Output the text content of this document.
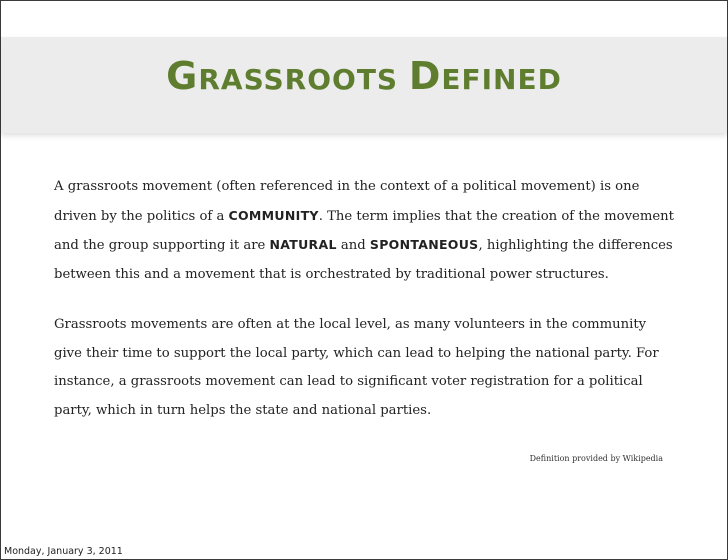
GRASSROOTS DEFINED

A grassroots movement (often referenced in the context of a political movement) is one driven by the politics of a COMMUNITY. The term implies that the creation of the movement and the group supporting it are NATURAL and SPONTANEOUS, highlighting the differences between this and a movement that is orchestrated by traditional power structures.

Grassroots movements are often at the local level, as many volunteers in the community give their time to support the local party, which can lead to helping the national party. For instance, a grassroots movement can lead to significant voter registration for a political party, which in turn helps the state and national parties.

Definition provided by Wikipedia
Monday, January 3, 2011
